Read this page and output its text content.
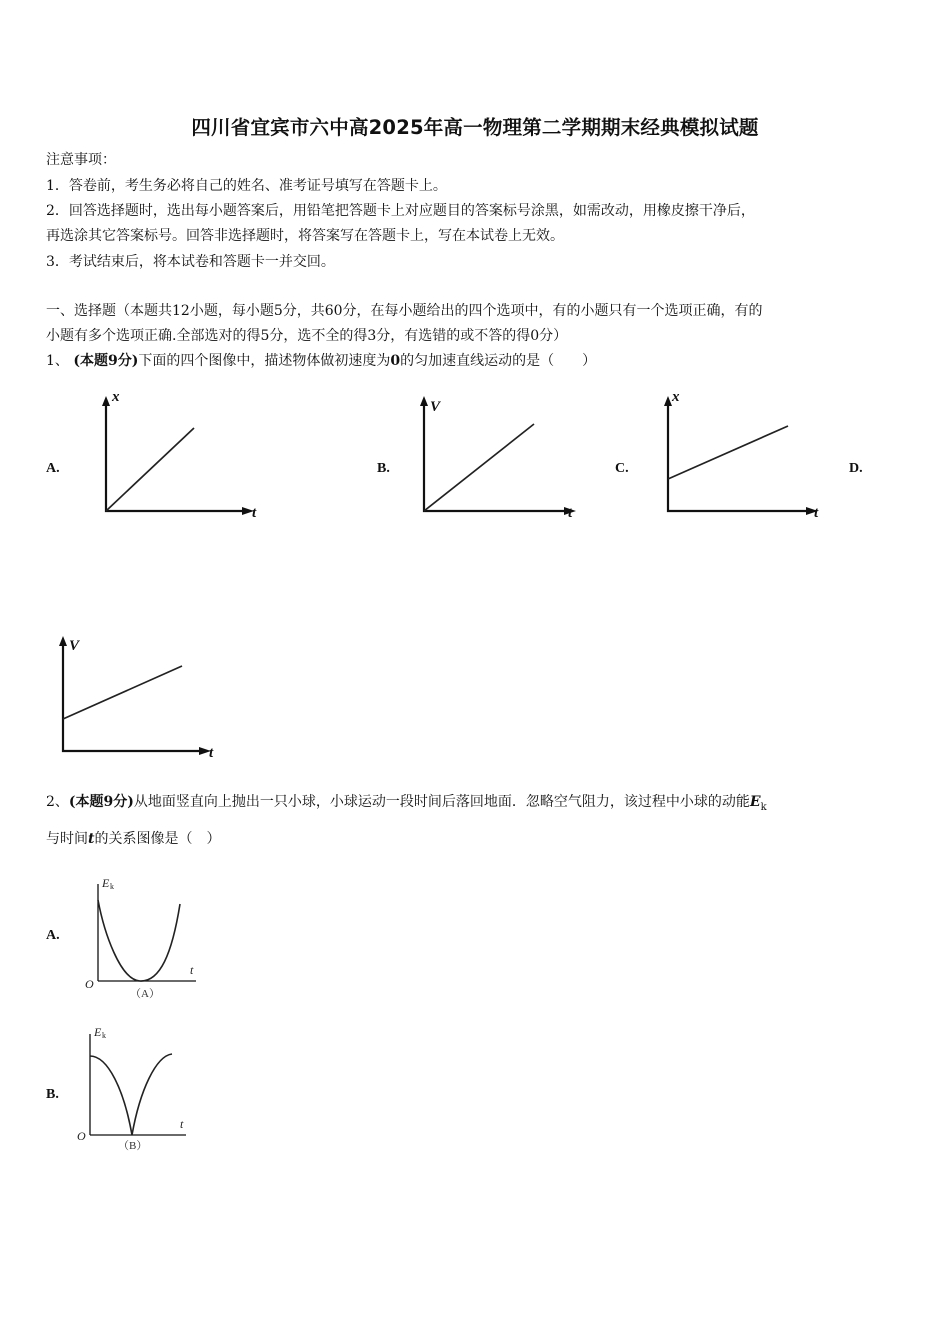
四川省宜宾市六中高2025年高一物理第二学期期末经典模拟试题
注意事项：
1．答卷前，考生务必将自己的姓名、准考证号填写在答题卡上。
2．回答选择题时，选出每小题答案后，用铅笔把答题卡上对应题目的答案标号涂黑，如需改动，用橡皮擦干净后，
再选涂其它答案标号。回答非选择题时，将答案写在答题卡上，写在本试卷上无效。
3．考试结束后，将本试卷和答题卡一并交回。
一、选择题（本题共12小题，每小题5分，共60分，在每小题给出的四个选项中，有的小题只有一个选项正确，有的
小题有多个选项正确.全部选对的得5分，选不全的得3分，有选错的或不答的得0分）
1、 (本题9分)下面的四个图像中，描述物体做初速度为0的匀加速直线运动的是（　　）
A.
x
t
B.
V
t
C.
x
t
D.
V
t
2、(本题9分)从地面竖直向上抛出一只小球，小球运动一段时间后落回地面．忽略空气阻力，该过程中小球的动能$E_k$
与时间t的关系图像是（　）
A.
E k
t
O
（A）
B.
E k
t
O
（B）
